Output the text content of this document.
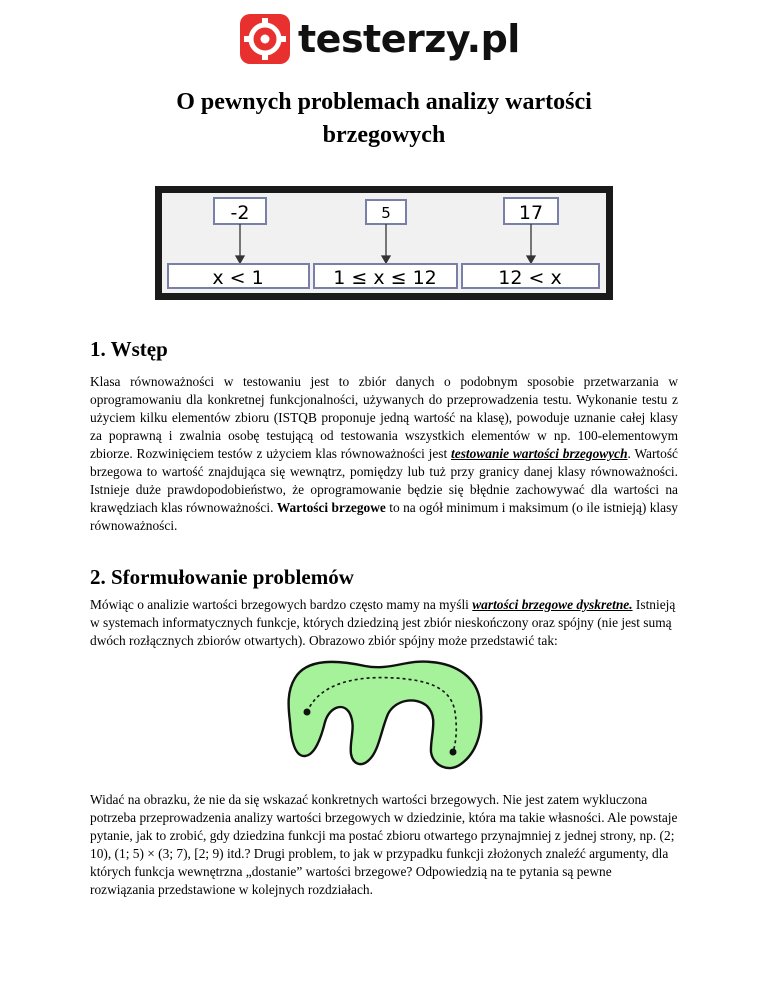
testerzy.pl
O pewnych problemach analizy wartości
brzegowych
-2	5	17
x < 1	1 ≤ x ≤ 12	12 < x
1. Wstęp

Klasa równoważności w testowaniu jest to zbiór danych o podobnym sposobie przetwarzania w oprogramowaniu dla konkretnej funkcjonalności, używanych do przeprowadzenia testu. Wykonanie testu z użyciem kilku elementów zbioru (ISTQB proponuje jedną wartość na klasę), powoduje uznanie całej klasy za poprawną i zwalnia osobę testującą od testowania wszystkich elementów w np. 100-elementowym zbiorze. Rozwinięciem testów z użyciem klas równoważności jest testowanie wartości brzegowych. Wartość brzegowa to wartość znajdująca się wewnątrz, pomiędzy lub tuż przy granicy danej klasy równoważności. Istnieje duże prawdopodobieństwo, że oprogramowanie będzie się błędnie zachowywać dla wartości na krawędziach klas równoważności. Wartości brzegowe to na ogół minimum i maksimum (o ile istnieją) klasy równoważności.

2. Sformułowanie problemów

Mówiąc o analizie wartości brzegowych bardzo często mamy na myśli wartości brzegowe dyskretne. Istnieją w systemach informatycznych funkcje, których dziedziną jest zbiór nieskończony oraz spójny (nie jest sumą dwóch rozłącznych zbiorów otwartych). Obrazowo zbiór spójny może przedstawić tak:

Widać na obrazku, że nie da się wskazać konkretnych wartości brzegowych. Nie jest zatem wykluczona potrzeba przeprowadzenia analizy wartości brzegowych w dziedzinie, która ma takie własności. Ale powstaje pytanie, jak to zrobić, gdy dziedzina funkcji ma postać zbioru otwartego przynajmniej z jednej strony, np. (2; 10), (1; 5) × (3; 7), [2; 9) itd.? Drugi problem, to jak w przypadku funkcji złożonych znaleźć argumenty, dla których funkcja wewnętrzna „dostanie” wartości brzegowe? Odpowiedzią na te pytania są pewne rozwiązania przedstawione w kolejnych rozdziałach.
